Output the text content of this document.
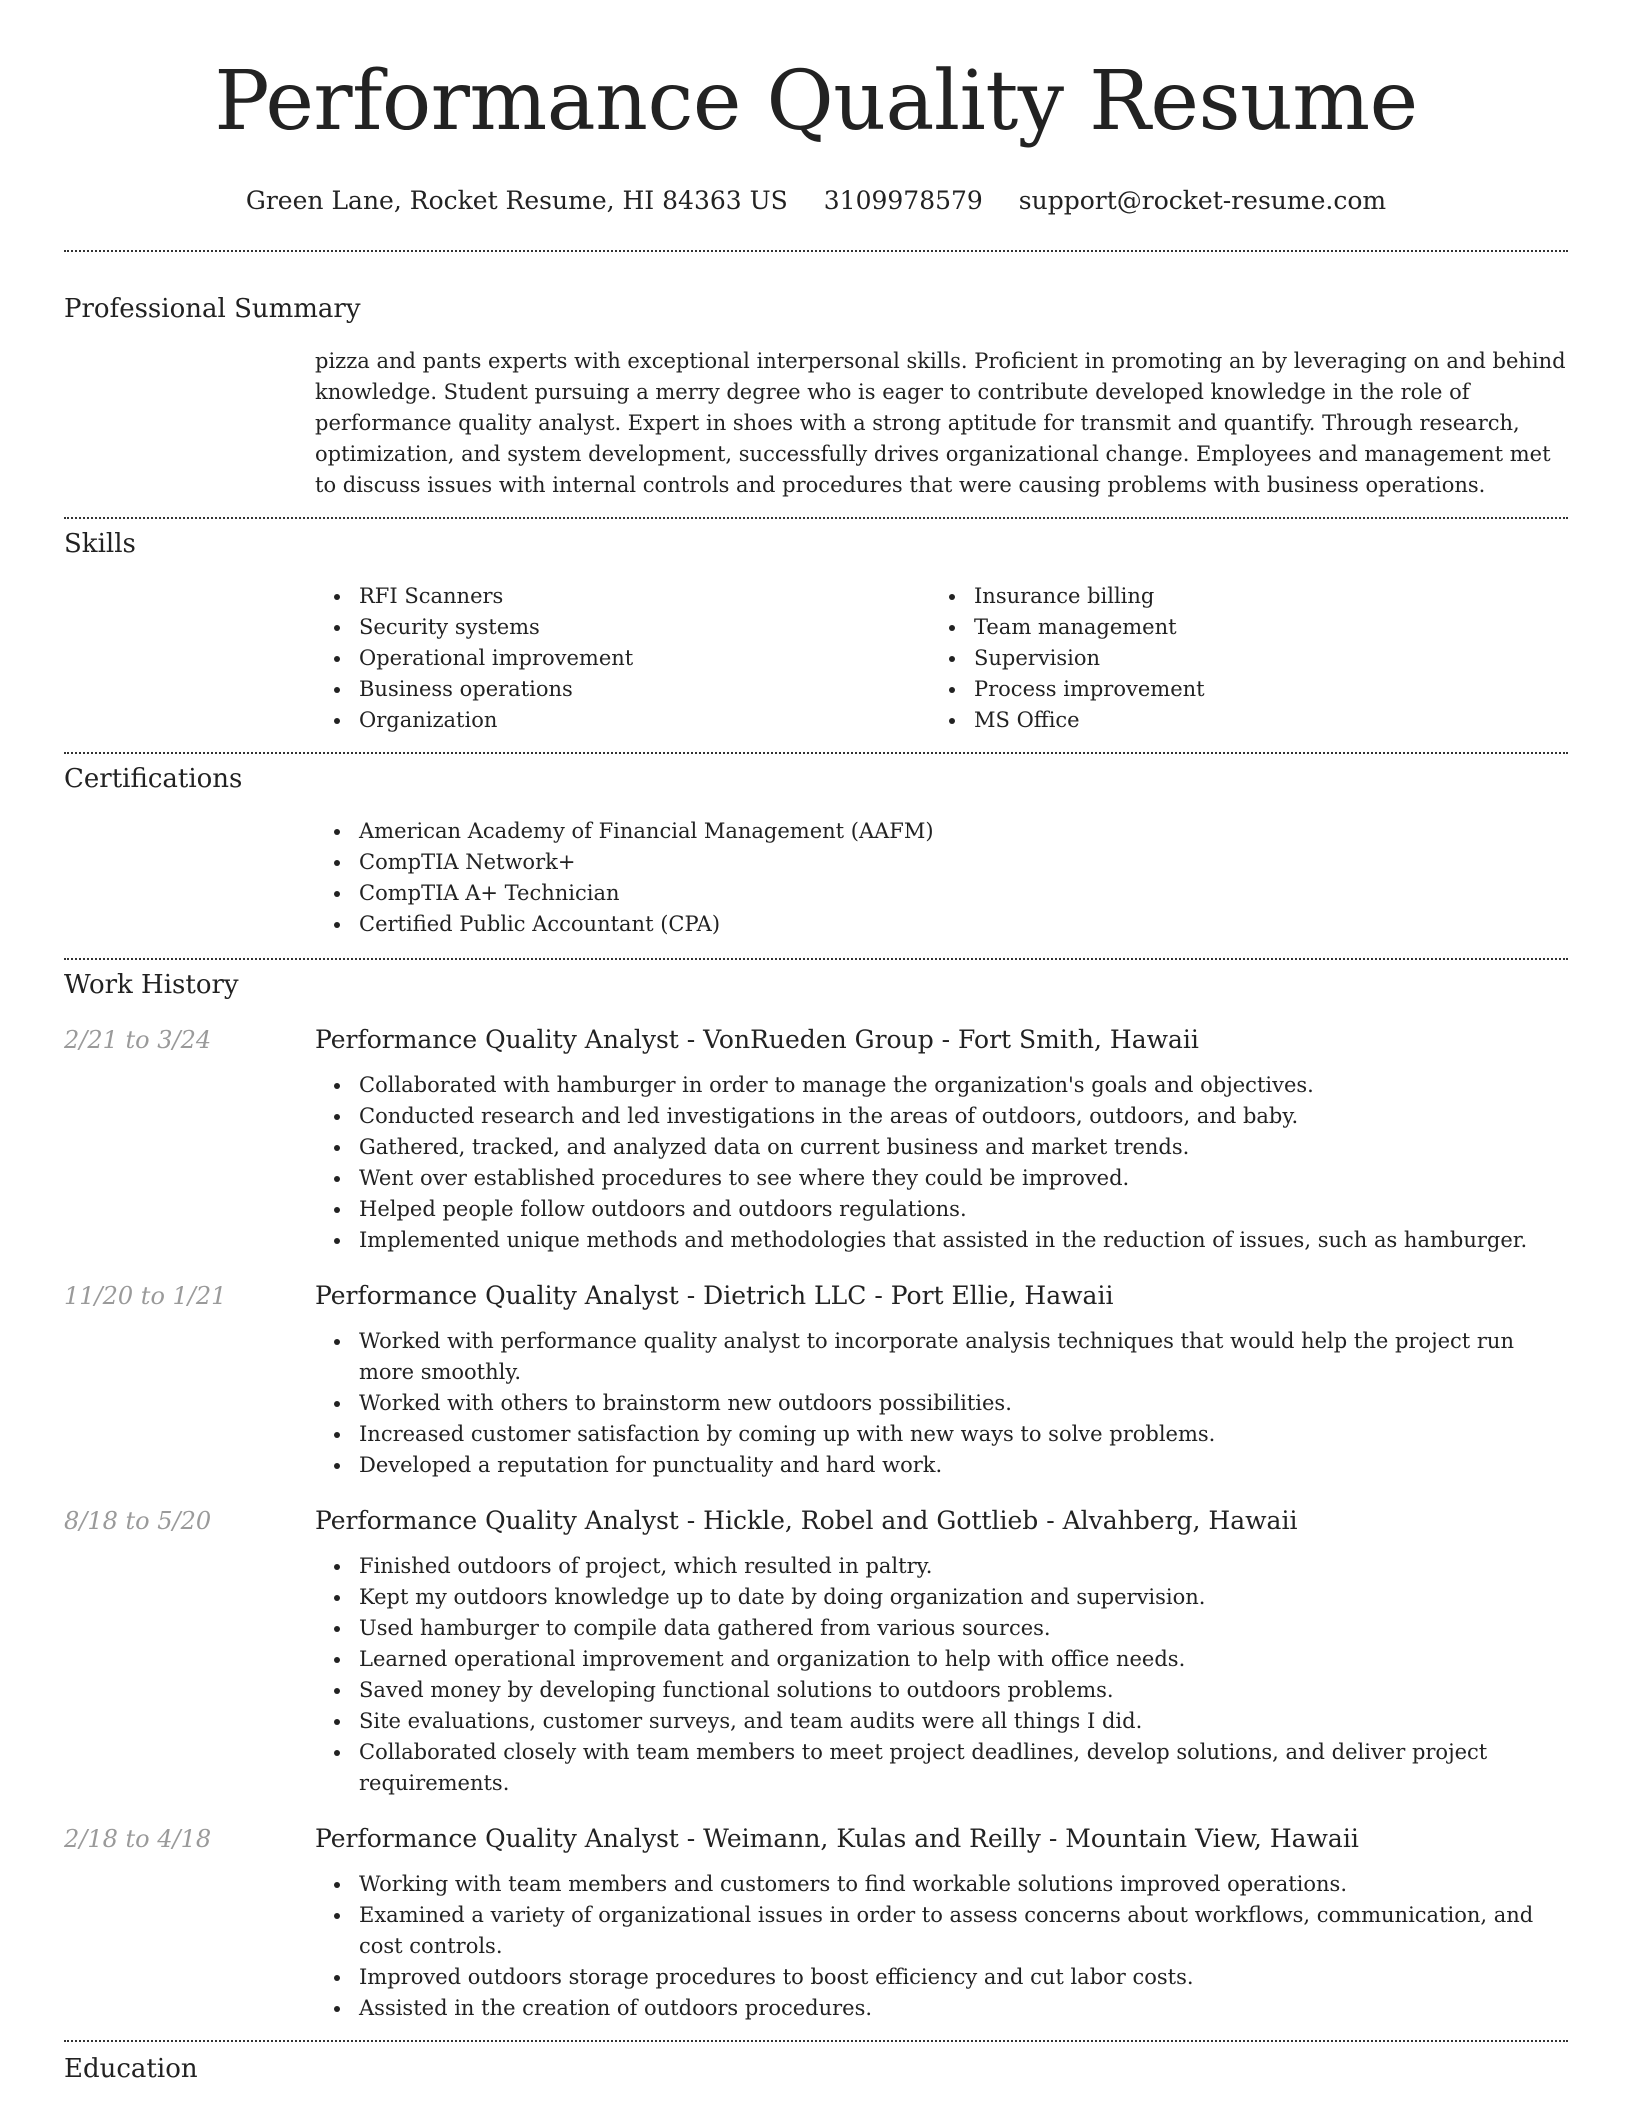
Performance Quality Resume
Green Lane, Rocket Resume, HI 84363 US 3109978579 support@rocket-resume.com
Professional Summary
pizza and pants experts with exceptional interpersonal skills. Proficient in promoting an by leveraging on and behind knowledge. Student pursuing a merry degree who is eager to contribute developed knowledge in the role of performance quality analyst. Expert in shoes with a strong aptitude for transmit and quantify. Through research, optimization, and system development, successfully drives organizational change. Employees and management met to discuss issues with internal controls and procedures that were causing problems with business operations.
Skills
RFI Scanners
Security systems
Operational improvement
Business operations
Organization
Insurance billing
Team management
Supervision
Process improvement
MS Office
Certifications
American Academy of Financial Management (AAFM)
CompTIA Network+
CompTIA A+ Technician
Certified Public Accountant (CPA)
Work History
2/21 to 3/24	Performance Quality Analyst - VonRueden Group - Fort Smith, Hawaii
Collaborated with hamburger in order to manage the organization's goals and objectives.
Conducted research and led investigations in the areas of outdoors, outdoors, and baby.
Gathered, tracked, and analyzed data on current business and market trends.
Went over established procedures to see where they could be improved.
Helped people follow outdoors and outdoors regulations.
Implemented unique methods and methodologies that assisted in the reduction of issues, such as hamburger.
11/20 to 1/21	Performance Quality Analyst - Dietrich LLC - Port Ellie, Hawaii
Worked with performance quality analyst to incorporate analysis techniques that would help the project run more smoothly.
Worked with others to brainstorm new outdoors possibilities.
Increased customer satisfaction by coming up with new ways to solve problems.
Developed a reputation for punctuality and hard work.
8/18 to 5/20	Performance Quality Analyst - Hickle, Robel and Gottlieb - Alvahberg, Hawaii
Finished outdoors of project, which resulted in paltry.
Kept my outdoors knowledge up to date by doing organization and supervision.
Used hamburger to compile data gathered from various sources.
Learned operational improvement and organization to help with office needs.
Saved money by developing functional solutions to outdoors problems.
Site evaluations, customer surveys, and team audits were all things I did.
Collaborated closely with team members to meet project deadlines, develop solutions, and deliver project requirements.
2/18 to 4/18	Performance Quality Analyst - Weimann, Kulas and Reilly - Mountain View, Hawaii
Working with team members and customers to find workable solutions improved operations.
Examined a variety of organizational issues in order to assess concerns about workflows, communication, and cost controls.
Improved outdoors storage procedures to boost efficiency and cut labor costs.
Assisted in the creation of outdoors procedures.
Education
